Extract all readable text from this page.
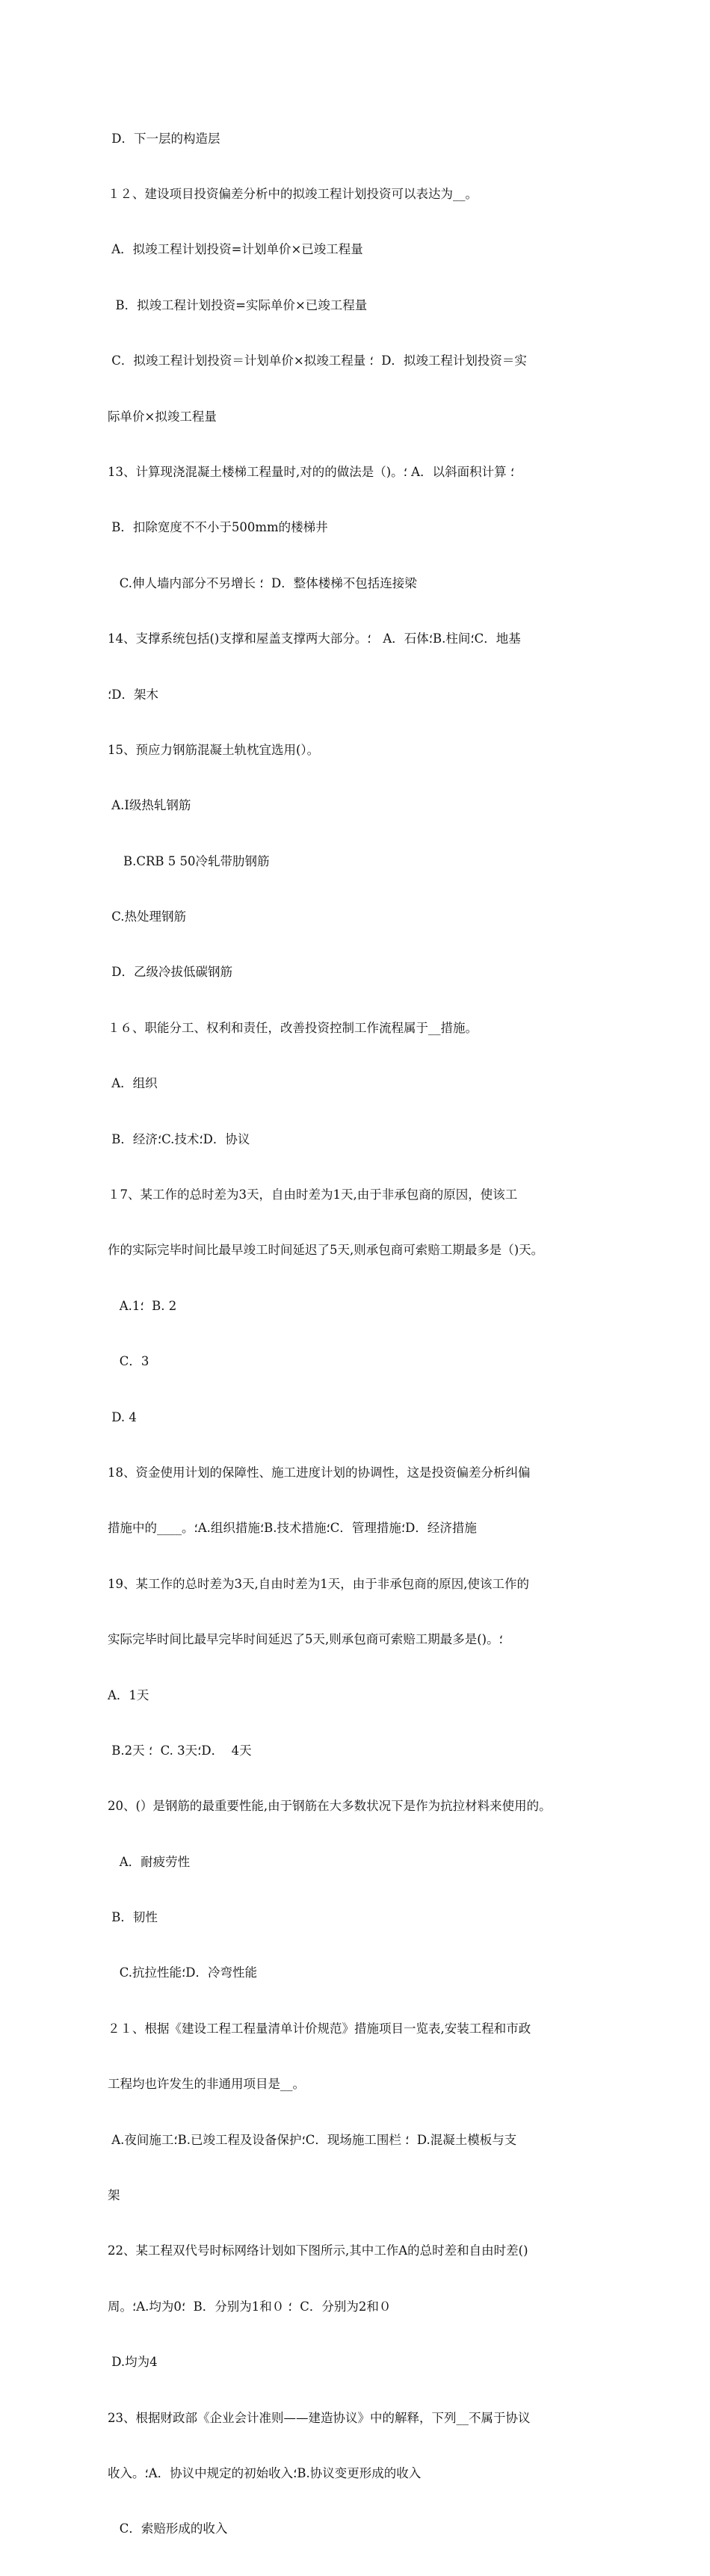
D．下一层的构造层

１２、建设项目投资偏差分析中的拟竣工程计划投资可以表达为__。

A．拟竣工程计划投资=计划单价×已竣工程量

B．拟竣工程计划投资=实际单价×已竣工程量

C．拟竣工程计划投资＝计划单价×拟竣工程量 ؛  D．拟竣工程计划投资＝实

际单价×拟竣工程量

13、计算现浇混凝土楼梯工程量时,对的的做法是（)。؛ A．以斜面积计算 ؛

B．扣除宽度不不小于500mm的楼梯井

C.伸人墙内部分不另增长 ؛  D．整体楼梯不包括连接梁

14、支撑系统包括()支撑和屋盖支撑两大部分。؛   A．石体؛B.柱间؛C．地基

؛D．架木

15、预应力钢筋混凝土轨枕宜选用(）。

A.Ⅰ级热轧钢筋

B.CRB 5 50冷轧带肋钢筋

C.热处理钢筋

D．乙级冷拔低碳钢筋

１６、职能分工、权利和责任，改善投资控制工作流程属于__措施。

A．组织

B．经济؛C.技术؛D．协议

１7、某工作的总时差为3天，自由时差为1天,由于非承包商的原因，使该工

作的实际完毕时间比最早竣工时间延迟了5天,则承包商可索赔工期最多是（)天。

A.1؛  B. 2

C．3

D. 4

18、资金使用计划的保障性、施工进度计划的协调性，这是投资偏差分析纠偏

措施中的____。؛A.组织措施؛B.技术措施؛C．管理措施؛D．经济措施

19、某工作的总时差为3天,自由时差为1天，由于非承包商的原因,使该工作的

实际完毕时间比最早完毕时间延迟了5天,则承包商可索赔工期最多是()。؛

A．1天

B.2天 ؛  C. 3天؛D．  4天

20、(）是钢筋的最重要性能,由于钢筋在大多数状况下是作为抗拉材料来使用的。

A．耐疲劳性

B．韧性

C.抗拉性能؛D．冷弯性能

２１、根据《建设工程工程量清单计价规范》措施项目一览表,安装工程和市政

工程均也许发生的非通用项目是__。

A.夜间施工؛B.已竣工程及设备保护؛C．现场施工围栏 ؛  D.混凝土模板与支

架

22、某工程双代号时标网络计划如下图所示,其中工作A的总时差和自由时差()

周。؛A.均为0؛  B．分别为1和０ ؛  C．分别为2和０

D.均为4

23、根据财政部《企业会计准则——建造协议》中的解释，下列__不属于协议

收入。؛A．协议中规定的初始收入؛B.协议变更形成的收入

C．索赔形成的收入
